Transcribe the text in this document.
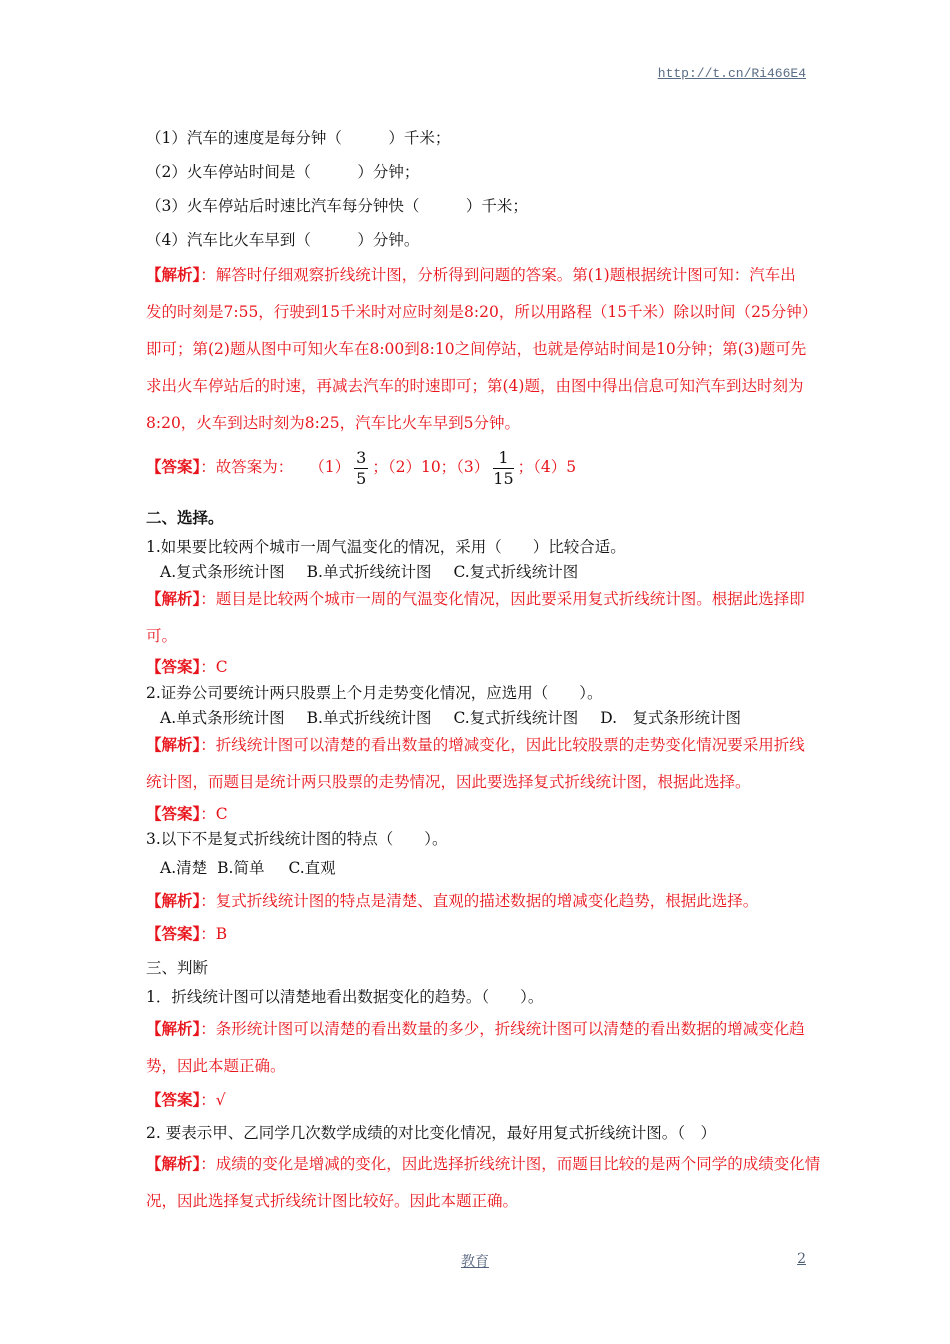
http://t.cn/Ri466E4
（1）汽车的速度是每分钟（　　　）千米；
（2）火车停站时间是（　　　）分钟；
（3）火车停站后时速比汽车每分钟快（　　　）千米；
（4）汽车比火车早到（　　　）分钟。
【解析】：解答时仔细观察折线统计图，分析得到问题的答案。第(1)题根据统计图可知：汽车出发的时刻是7:55，行驶到15千米时对应时刻是8:20，所以用路程（15千米）除以时间（25分钟）即可；第(2)题从图中可知火车在8:00到8:10之间停站，也就是停站时间是10分钟；第(3)题可先求出火车停站后的时速，再减去汽车的时速即可；第(4)题，由图中得出信息可知汽车到达时刻为8:20，火车到达时刻为8:25，汽车比火车早到5分钟。
【答案】：故答案为： $(1) \frac{3}{5}$ ；（2）10；$(3) \frac{1}{15}$ ；（4）5
二、选择。
1.如果要比较两个城市一周气温变化的情况，采用（　　）比较合适。
A.复式条形统计图 B.单式折线统计图 C.复式折线统计图
【解析】：题目是比较两个城市一周的气温变化情况，因此要采用复式折线统计图。根据此选择即可。
【答案】：C
2.证券公司要统计两只股票上个月走势变化情况，应选用（　　）。
A.单式条形统计图 B.单式折线统计图 C.复式折线统计图 D.　复式条形统计图
【解析】：折线统计图可以清楚的看出数量的增减变化，因此比较股票的走势变化情况要采用折线统计图，而题目是统计两只股票的走势情况，因此要选择复式折线统计图，根据此选择。
【答案】：C
3.以下不是复式折线统计图的特点（　　）。
A.清楚 B.简单 C.直观
【解析】：复式折线统计图的特点是清楚、直观的描述数据的增减变化趋势，根据此选择。
【答案】：B
三、判断
1．折线统计图可以清楚地看出数据变化的趋势。（　　）。
【解析】：条形统计图可以清楚的看出数量的多少，折线统计图可以清楚的看出数据的增减变化趋势，因此本题正确。
【答案】：√
2. 要表示甲、乙同学几次数学成绩的对比变化情况，最好用复式折线统计图。（　）
【解析】：成绩的变化是增减的变化，因此选择折线统计图，而题目比较的是两个同学的成绩变化情况，因此选择复式折线统计图比较好。因此本题正确。
教育	2
